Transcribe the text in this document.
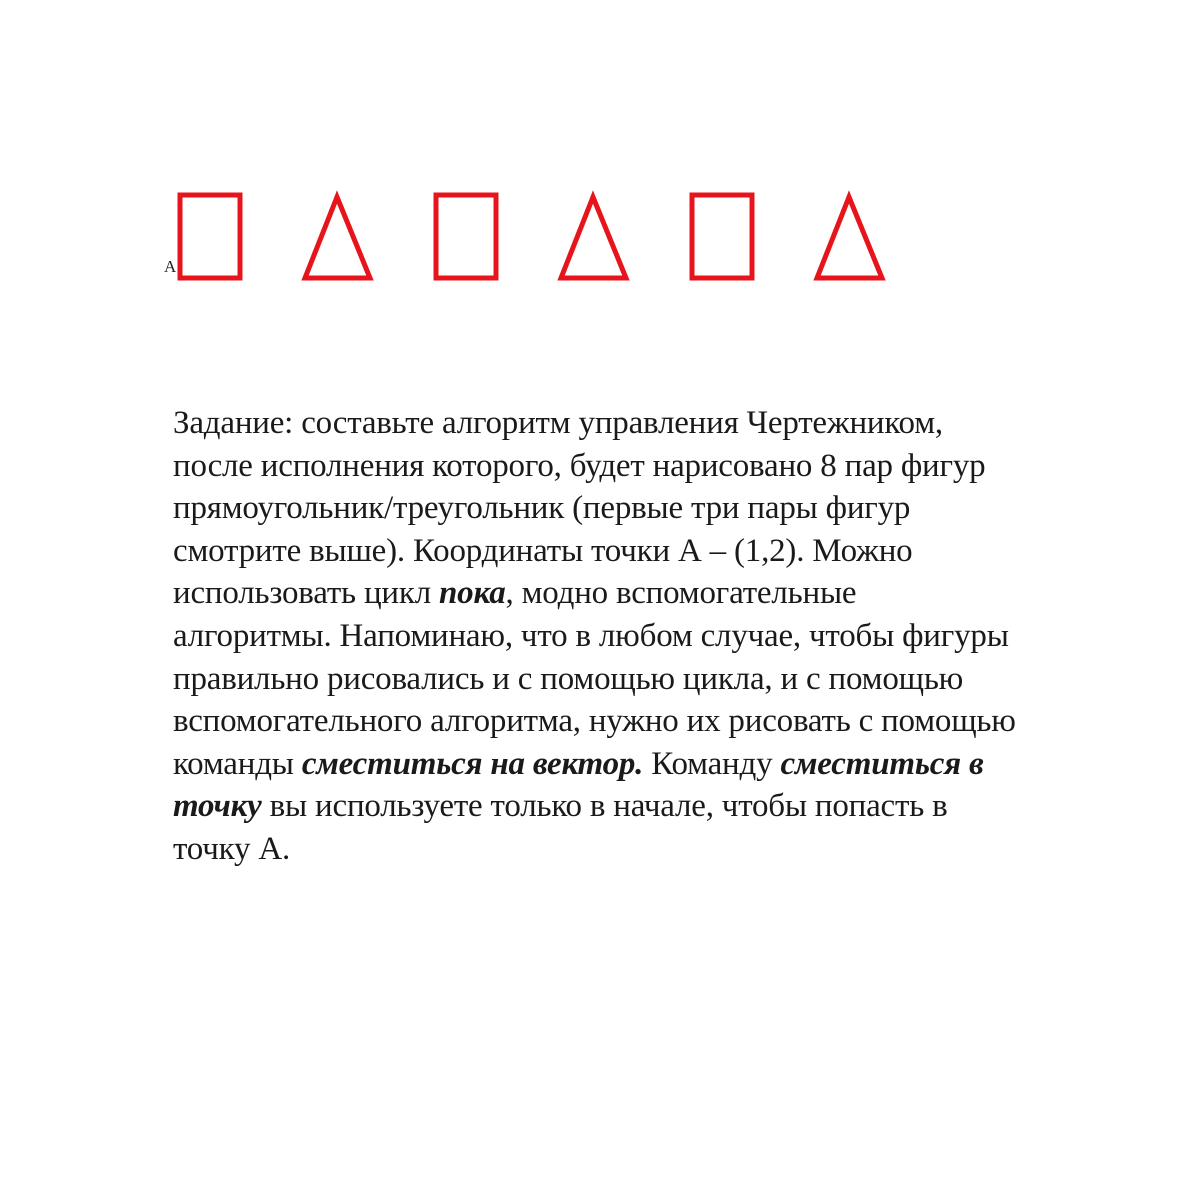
A
Задание: составьте алгоритм управления Чертежником,
после исполнения которого, будет нарисовано 8 пар фигур
прямоугольник/треугольник (первые три пары фигур
смотрите выше). Координаты точки А – (1,2). Можно
использовать цикл пока, модно вспомогательные
алгоритмы. Напоминаю, что в любом случае, чтобы фигуры
правильно рисовались и с помощью цикла, и с помощью
вспомогательного алгоритма, нужно их рисовать с помощью
команды сместиться на вектор. Команду сместиться в
точку вы используете только в начале, чтобы попасть в
точку А.
